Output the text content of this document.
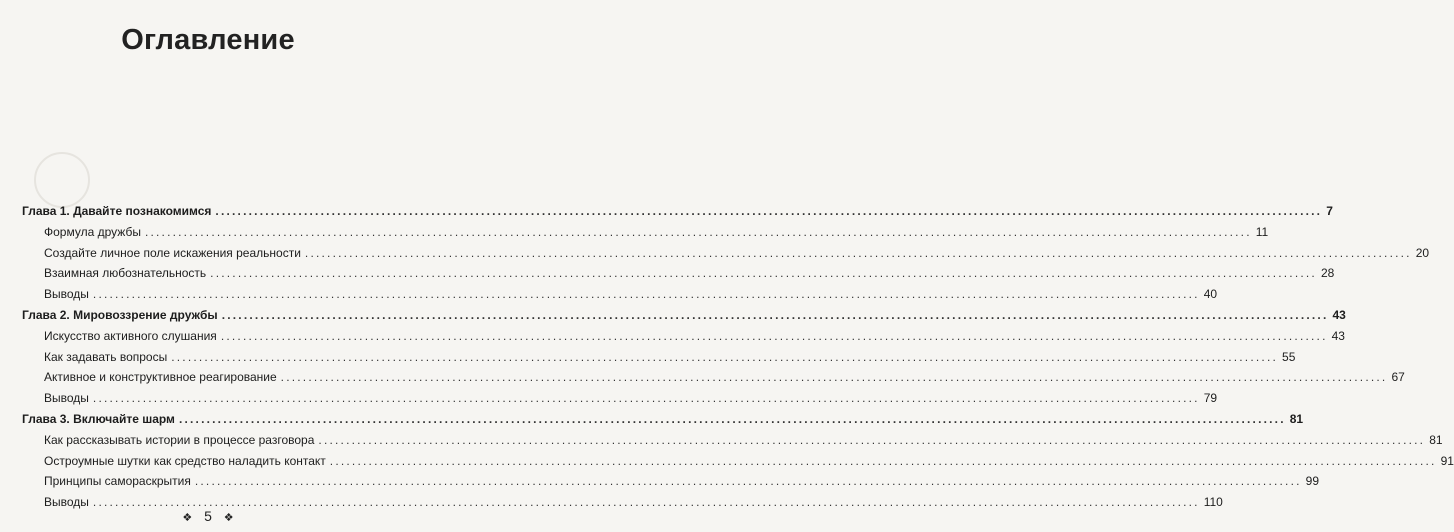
Оглавление
Глава 1. Давайте познакомимся ........................................................................................................................................................................................................ 7
Формула дружбы ........................................................................................................................................................................................................ 11
Создайте личное поле искажения реальности ........................................................................................................................................................................................................ 20
Взаимная любознательность ........................................................................................................................................................................................................ 28
Выводы ........................................................................................................................................................................................................ 40
Глава 2. Мировоззрение дружбы ........................................................................................................................................................................................................ 43
Искусство активного слушания ........................................................................................................................................................................................................ 43
Как задавать вопросы ........................................................................................................................................................................................................ 55
Активное и конструктивное реагирование ........................................................................................................................................................................................................ 67
Выводы ........................................................................................................................................................................................................ 79
Глава 3. Включайте шарм ........................................................................................................................................................................................................ 81
Как рассказывать истории в процессе разговора ........................................................................................................................................................................................................ 81
Остроумные шутки как средство наладить контакт ........................................................................................................................................................................................................ 91
Принципы самораскрытия ........................................................................................................................................................................................................ 99
Выводы ........................................................................................................................................................................................................ 110
❖ 5 ❖
